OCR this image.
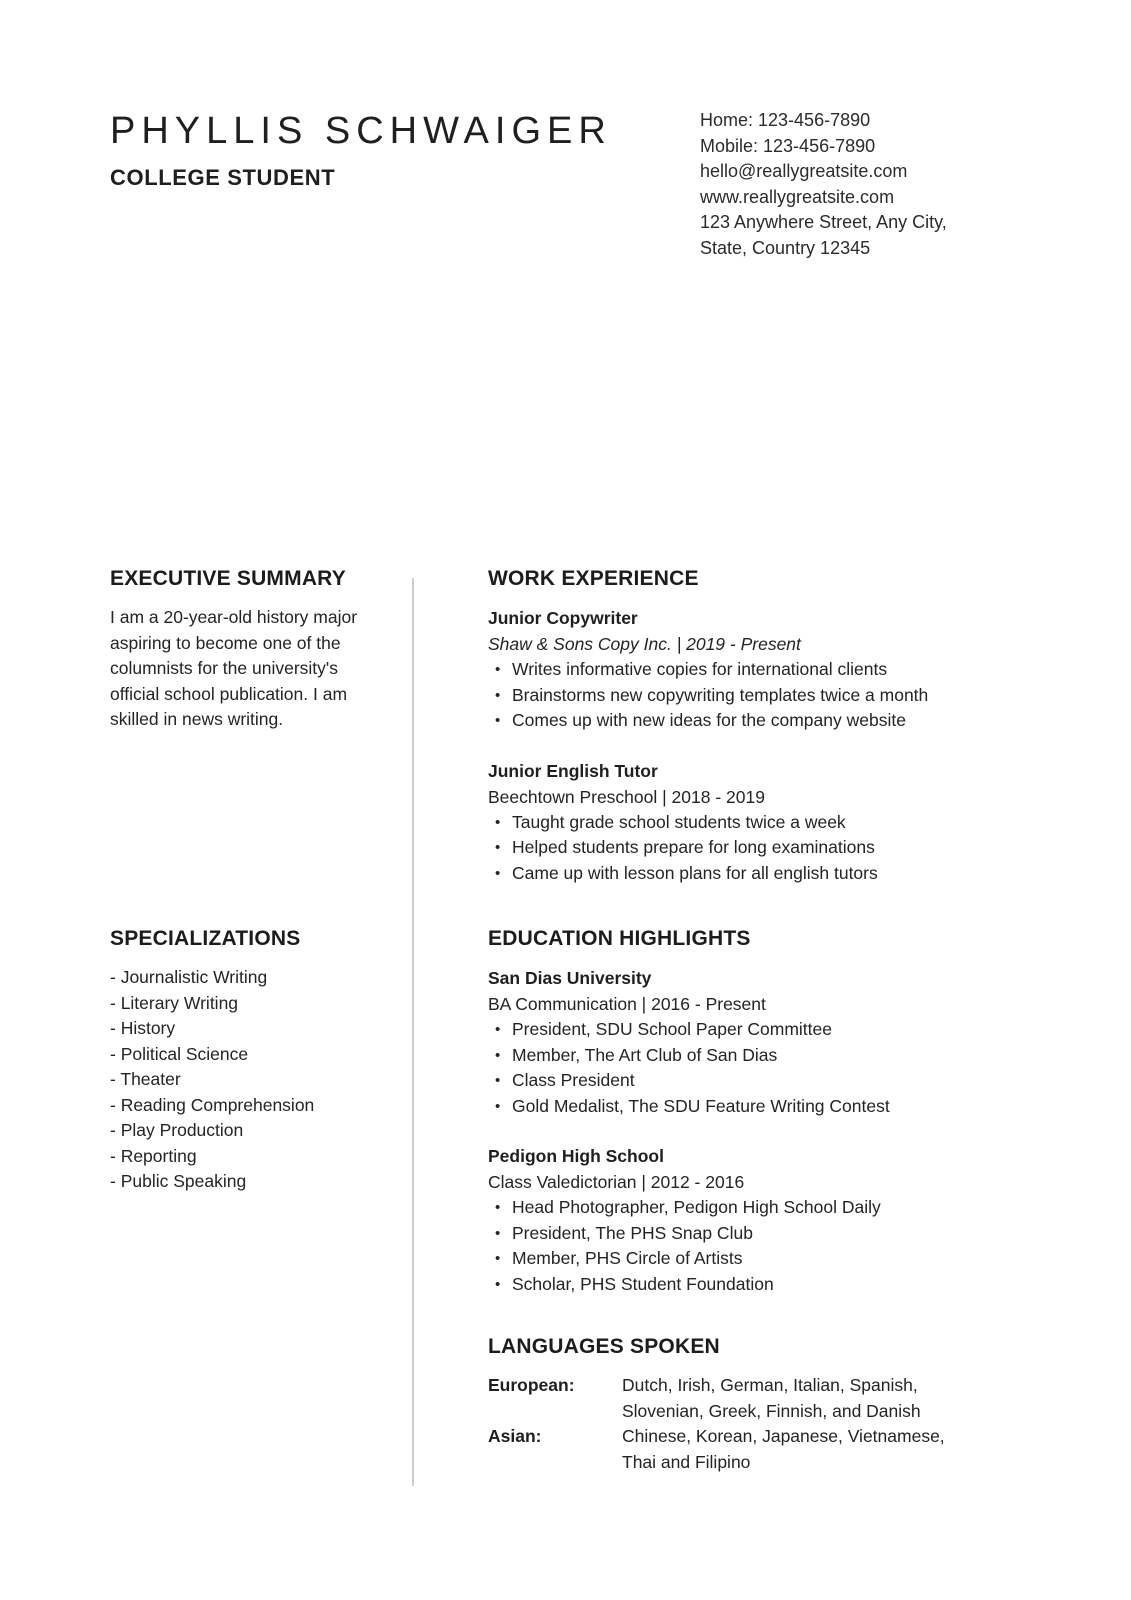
PHYLLIS SCHWAIGER
COLLEGE STUDENT
Home: 123-456-7890
Mobile: 123-456-7890
hello@reallygreatsite.com
www.reallygreatsite.com
123 Anywhere Street, Any City,
State, Country 12345
EXECUTIVE SUMMARY

I am a 20-year-old history major aspiring to become one of the columnists for the university's official school publication. I am skilled in news writing.

SPECIALIZATIONS
- Journalistic Writing
- Literary Writing
- History
- Political Science
- Theater
- Reading Comprehension
- Play Production
- Reporting
- Public Speaking
WORK EXPERIENCE
Junior Copywriter
Shaw & Sons Copy Inc. | 2019 - Present
• Writes informative copies for international clients
• Brainstorms new copywriting templates twice a month
• Comes up with new ideas for the company website
Junior English Tutor
Beechtown Preschool | 2018 - 2019
• Taught grade school students twice a week
• Helped students prepare for long examinations
• Came up with lesson plans for all english tutors
EDUCATION HIGHLIGHTS
San Dias University
BA Communication | 2016 - Present
• President, SDU School Paper Committee
• Member, The Art Club of San Dias
• Class President
• Gold Medalist, The SDU Feature Writing Contest
Pedigon High School
Class Valedictorian | 2012 - 2016
• Head Photographer, Pedigon High School Daily
• President, The PHS Snap Club
• Member, PHS Circle of Artists
• Scholar, PHS Student Foundation
LANGUAGES SPOKEN
European:	Dutch, Irish, German, Italian, Spanish, Slovenian, Greek, Finnish, and Danish
Asian:	Chinese, Korean, Japanese, Vietnamese, Thai and Filipino
